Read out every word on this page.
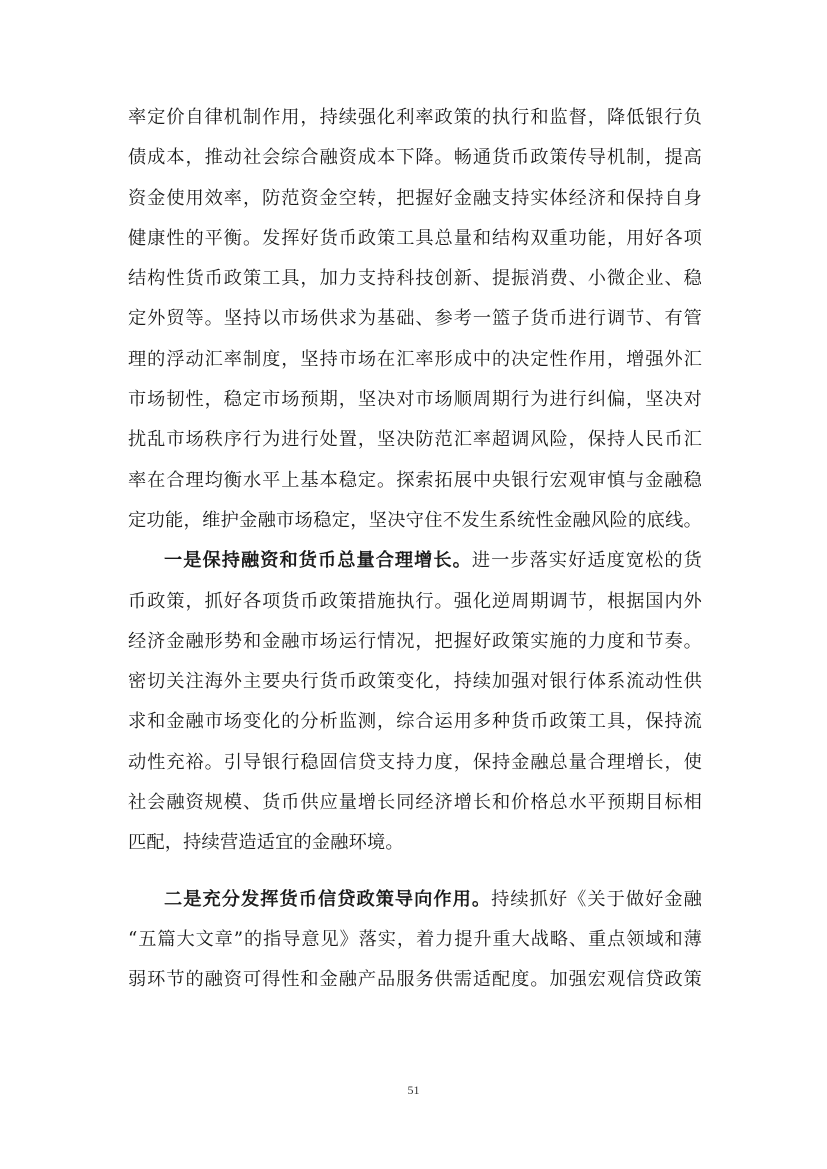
率定价自律机制作用，持续强化利率政策的执行和监督，降低银行负
债成本，推动社会综合融资成本下降。畅通货币政策传导机制，提高
资金使用效率，防范资金空转，把握好金融支持实体经济和保持自身
健康性的平衡。发挥好货币政策工具总量和结构双重功能，用好各项
结构性货币政策工具，加力支持科技创新、提振消费、小微企业、稳
定外贸等。坚持以市场供求为基础、参考一篮子货币进行调节、有管
理的浮动汇率制度，坚持市场在汇率形成中的决定性作用，增强外汇
市场韧性，稳定市场预期，坚决对市场顺周期行为进行纠偏，坚决对
扰乱市场秩序行为进行处置，坚决防范汇率超调风险，保持人民币汇
率在合理均衡水平上基本稳定。探索拓展中央银行宏观审慎与金融稳
定功能，维护金融市场稳定，坚决守住不发生系统性金融风险的底线。
一是保持融资和货币总量合理增长。进一步落实好适度宽松的货
币政策，抓好各项货币政策措施执行。强化逆周期调节，根据国内外
经济金融形势和金融市场运行情况，把握好政策实施的力度和节奏。
密切关注海外主要央行货币政策变化，持续加强对银行体系流动性供
求和金融市场变化的分析监测，综合运用多种货币政策工具，保持流
动性充裕。引导银行稳固信贷支持力度，保持金融总量合理增长，使
社会融资规模、货币供应量增长同经济增长和价格总水平预期目标相
匹配，持续营造适宜的金融环境。
二是充分发挥货币信贷政策导向作用。持续抓好《关于做好金融
“五篇大文章”的指导意见》落实，着力提升重大战略、重点领域和薄
弱环节的融资可得性和金融产品服务供需适配度。加强宏观信贷政策
51
